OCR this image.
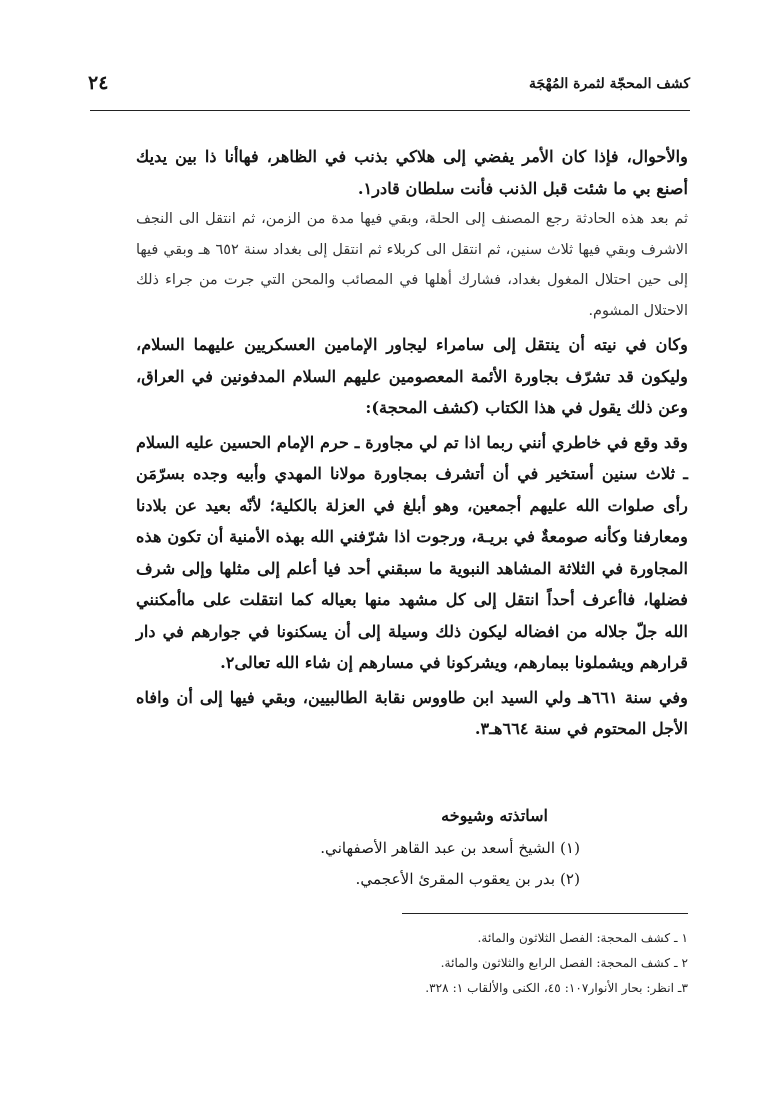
٢٤	كشف المحجّة لثمرة المُهْجَة

والأحوال، فإذا كان الأمر يفضي إلى هلاكي بذنب في الظاهر، فهاأنا ذا بين يديك أصنع بي ما شئت قبل الذنب فأنت سلطان قادر١.

ثم بعد هذه الحادثة رجع المصنف إلى الحلة، وبقي فيها مدة من الزمن، ثم انتقل الى النجف الاشرف وبقي فيها ثلاث سنين، ثم انتقل الى كربلاء ثم انتقل إلى بغداد سنة ٦٥٢ هـ وبقي فيها إلى حين احتلال المغول بغداد، فشارك أهلها في المصائب والمحن التي جرت من جراء ذلك الاحتلال المشوم.

وكان في نيته أن ينتقل إلى سامراء ليجاور الإمامين العسكريين عليهما السلام، وليكون قد تشرّف بجاورة الأئمة المعصومين عليهم السلام المدفونين في العراق، وعن ذلك يقول في هذا الكتاب (كشف المحجة):

وقد وقع في خاطري أنني ربما اذا تم لي مجاورة ـ حرم الإمام الحسين عليه السلام ـ ثلاث سنين أستخير في أن أتشرف بمجاورة مولانا المهدي وأبيه وجده بسرّمَن رأى صلوات الله عليهم أجمعين، وهو أبلغ في العزلة بالكلية؛ لأنّه بعيد عن بلادنا ومعارفنا وكأنه صومعةٌ في بريـة، ورجوت اذا شرّفني الله بهذه الأمنية أن تكون هذه المجاورة في الثلاثة المشاهد النبوية ما سبقني أحد فيا أعلم إلى مثلها وإلى شرف فضلها، فاأعرف أحداً انتقل إلى كل مشهد منها بعياله كما انتقلت على ماأمكنني الله جلّ جلاله من افضاله ليكون ذلك وسيلة إلى أن يسكنونا في جوارهم في دار قرارهم ويشملونا ببمارهم، ويشركونا في مسارهم إن شاء الله تعالى٢.

وفي سنة ٦٦١هـ ولي السيد ابن طاووس نقابة الطالبيين، وبقي فيها إلى أن وافاه الأجل المحتوم في سنة ٦٦٤هـ٣.

اساتذته وشيوخه

(١) الشيخ أسعد بن عبد القاهر الأصفهاني.

(٢) بدر بن يعقوب المقرئ الأعجمي.

١ ـ كشف المحجة: الفصل الثلاثون والمائة.

٢ ـ كشف المحجة: الفصل الرابع والثلاثون والمائة.

٣ـ انظر: بحار الأنوار١٠٧: ٤٥، الكنى والألقاب ١: ٣٢٨.
